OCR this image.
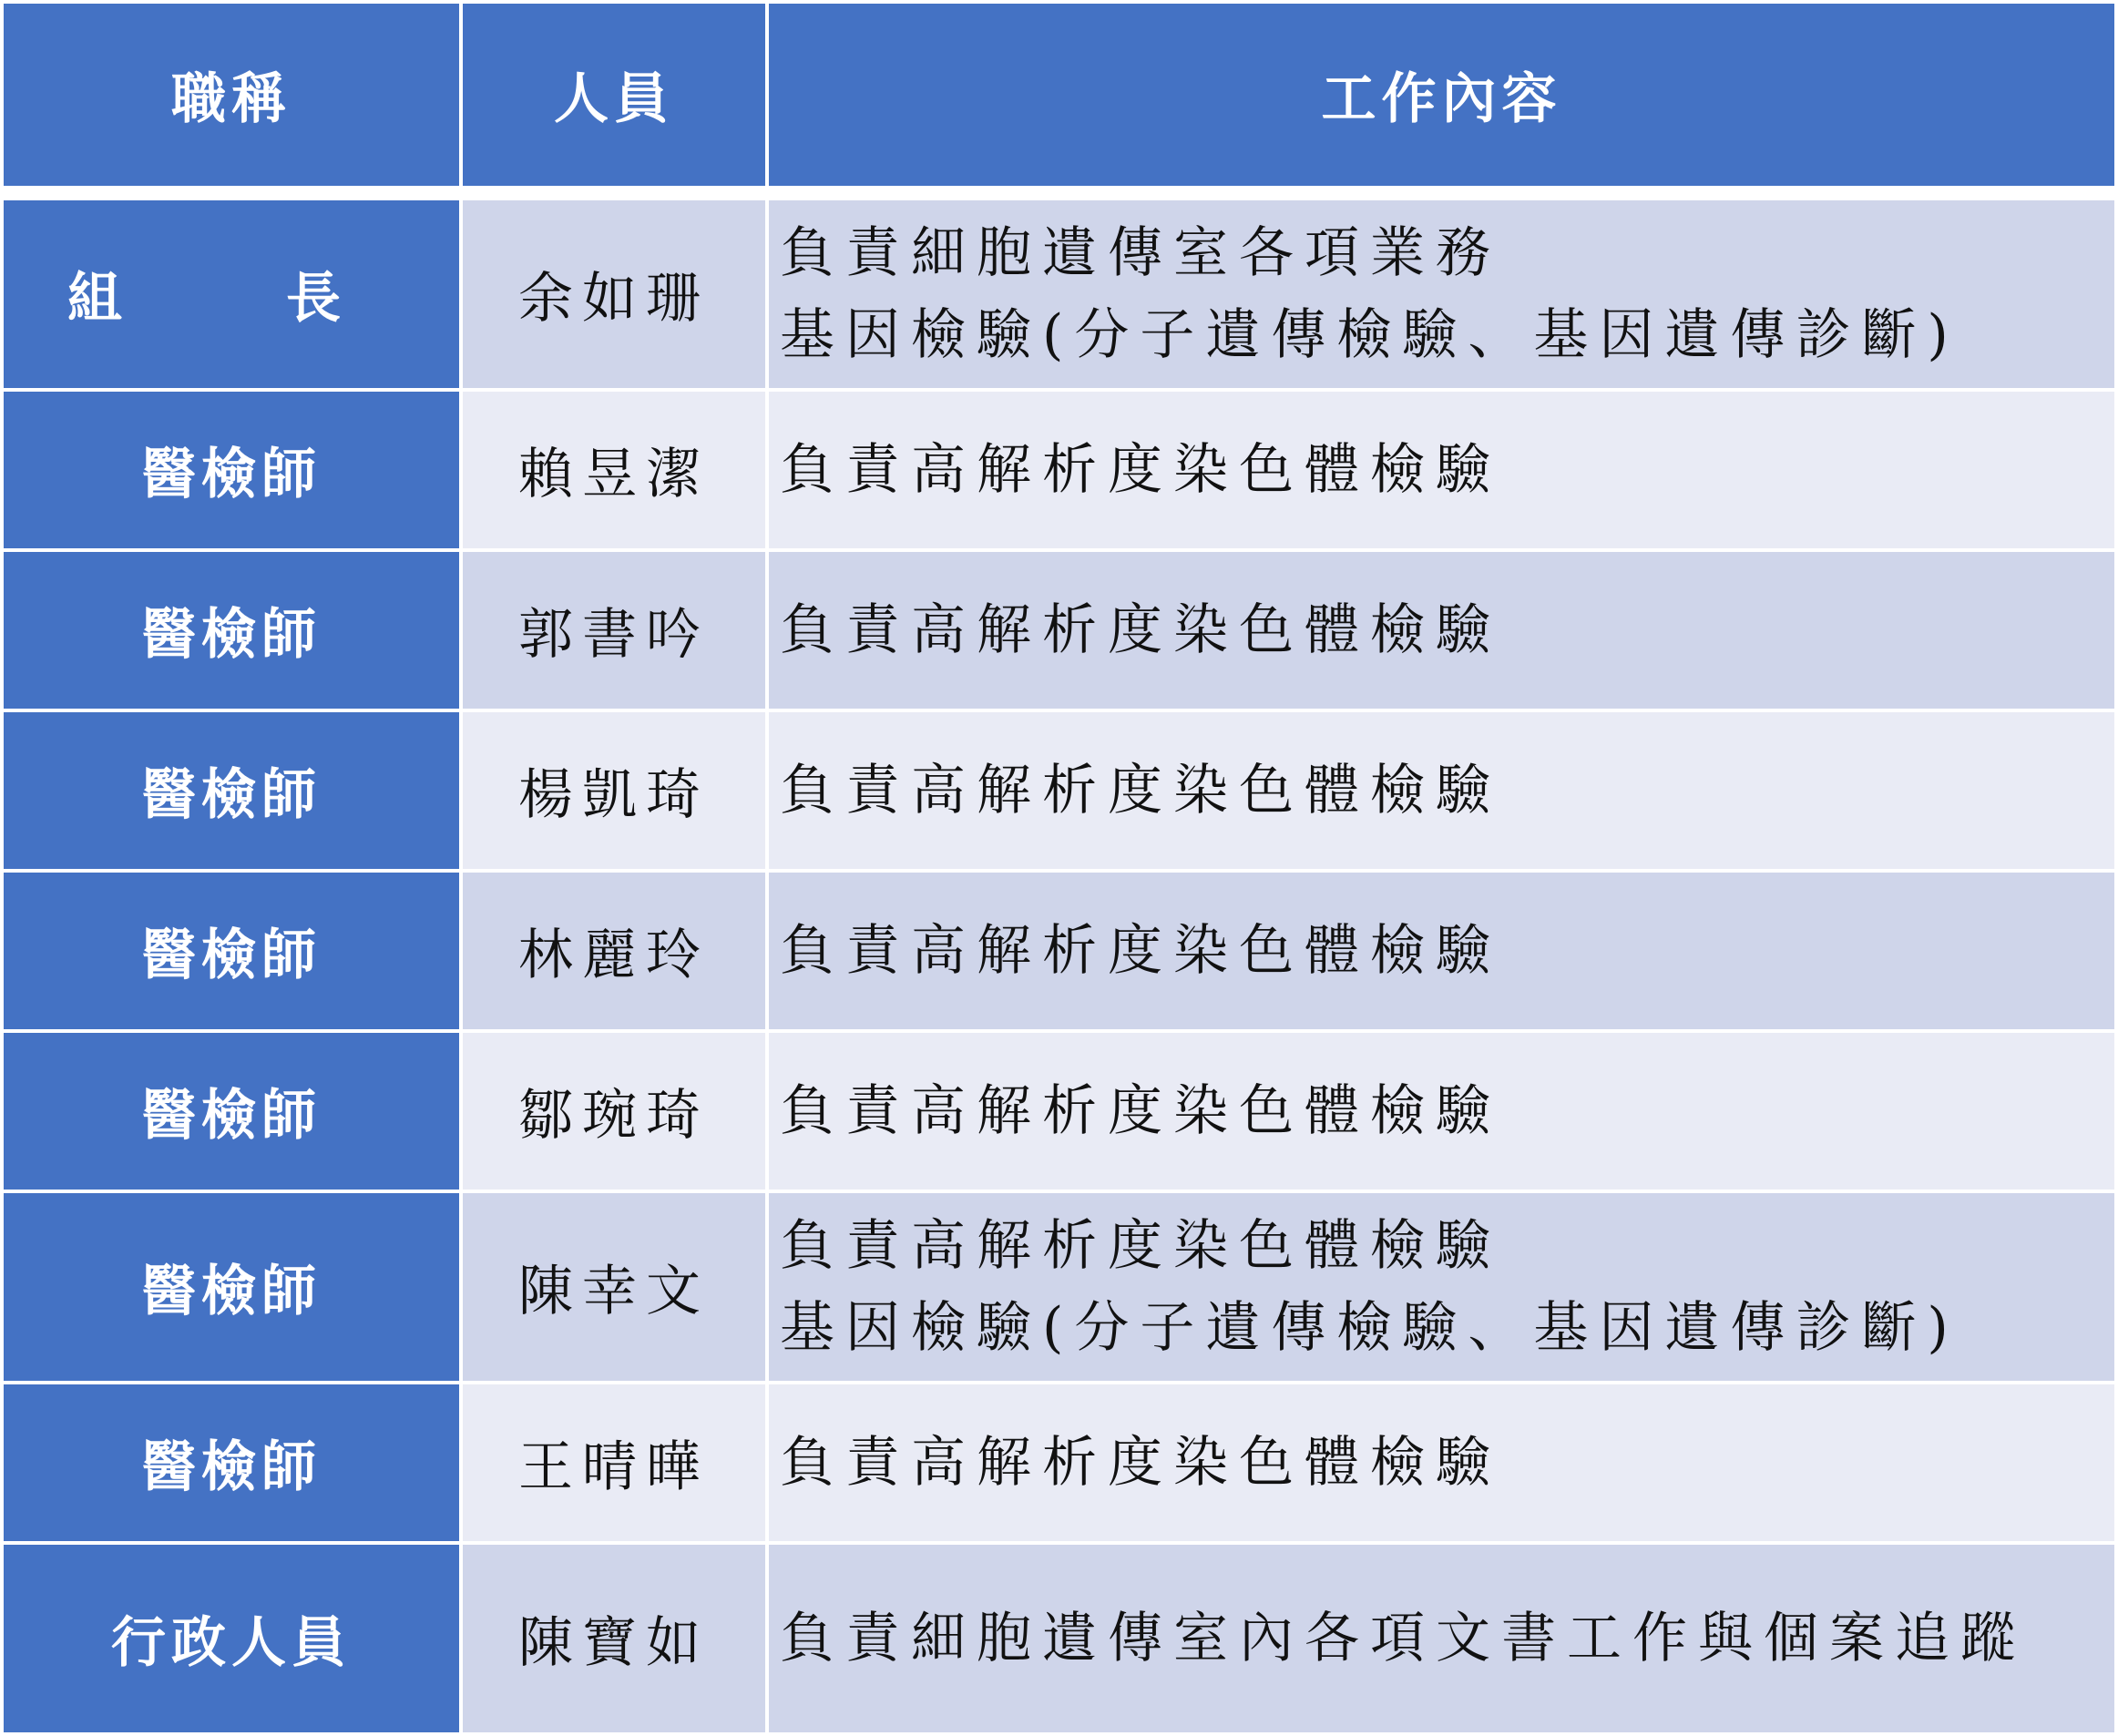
職稱	人員	工作內容

組　長	余如珊	負責細胞遺傳室各項業務
基因檢驗(分子遺傳檢驗、基因遺傳診斷)

醫檢師	賴昱潔	負責高解析度染色體檢驗

醫檢師	郭書吟	負責高解析度染色體檢驗

醫檢師	楊凱琦	負責高解析度染色體檢驗

醫檢師	林麗玲	負責高解析度染色體檢驗

醫檢師	鄒琬琦	負責高解析度染色體檢驗

醫檢師	陳幸文	負責高解析度染色體檢驗
基因檢驗(分子遺傳檢驗、基因遺傳診斷)

醫檢師	王晴曄	負責高解析度染色體檢驗

行政人員	陳寶如	負責細胞遺傳室內各項文書工作與個案追蹤
